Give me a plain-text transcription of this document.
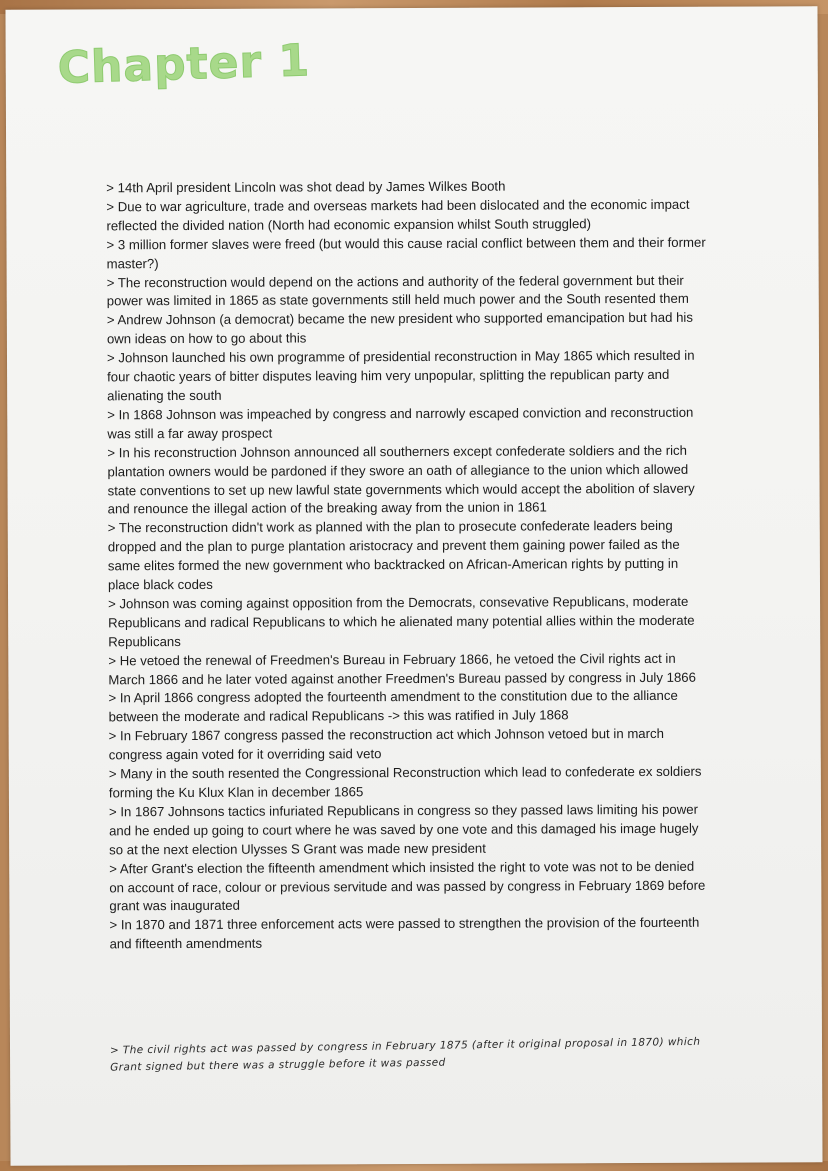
Chapter 1
> 14th April president Lincoln was shot dead by James Wilkes Booth
> Due to war agriculture, trade and overseas markets had been dislocated and the economic impact reflected the divided nation (North had economic expansion whilst South struggled)
> 3 million former slaves were freed (but would this cause racial conflict between them and their former master?)
> The reconstruction would depend on the actions and authority of the federal government but their power was limited in 1865 as state governments still held much power and the South resented them
> Andrew Johnson (a democrat) became the new president who supported emancipation but had his own ideas on how to go about this
> Johnson launched his own programme of presidential reconstruction in May 1865 which resulted in four chaotic years of bitter disputes leaving him very unpopular, splitting the republican party and alienating the south
> In 1868 Johnson was impeached by congress and narrowly escaped conviction and reconstruction was still a far away prospect
> In his reconstruction Johnson announced all southerners except confederate soldiers and the rich plantation owners would be pardoned if they swore an oath of allegiance to the union which allowed state conventions to set up new lawful state governments which would accept the abolition of slavery and renounce the illegal action of the breaking away from the union in 1861
> The reconstruction didn't work as planned with the plan to prosecute confederate leaders being dropped and the plan to purge plantation aristocracy and prevent them gaining power failed as the same elites formed the new government who backtracked on African-American rights by putting in place black codes
> Johnson was coming against opposition from the Democrats, consevative Republicans, moderate Republicans and radical Republicans to which he alienated many potential allies within the moderate Republicans
> He vetoed the renewal of Freedmen's Bureau in February 1866, he vetoed the Civil rights act in March 1866 and he later voted against another Freedmen's Bureau passed by congress in July 1866
> In April 1866 congress adopted the fourteenth amendment to the constitution due to the alliance between the moderate and radical Republicans -> this was ratified in July 1868
> In February 1867 congress passed the reconstruction act which Johnson vetoed but in march congress again voted for it overriding said veto
> Many in the south resented the Congressional Reconstruction which lead to confederate ex soldiers forming the Ku Klux Klan in december 1865
> In 1867 Johnsons tactics infuriated Republicans in congress so they passed laws limiting his power and he ended up going to court where he was saved by one vote and this damaged his image hugely so at the next election Ulysses S Grant was made new president
> After Grant's election the fifteenth amendment which insisted the right to vote was not to be denied on account of race, colour or previous servitude and was passed by congress in February 1869 before grant was inaugurated
> In 1870 and 1871 three enforcement acts were passed to strengthen the provision of the fourteenth and fifteenth amendments
> The civil rights act was passed by congress in February 1875 (after it original proposal in 1870) which Grant signed but there was a struggle before it was passed
